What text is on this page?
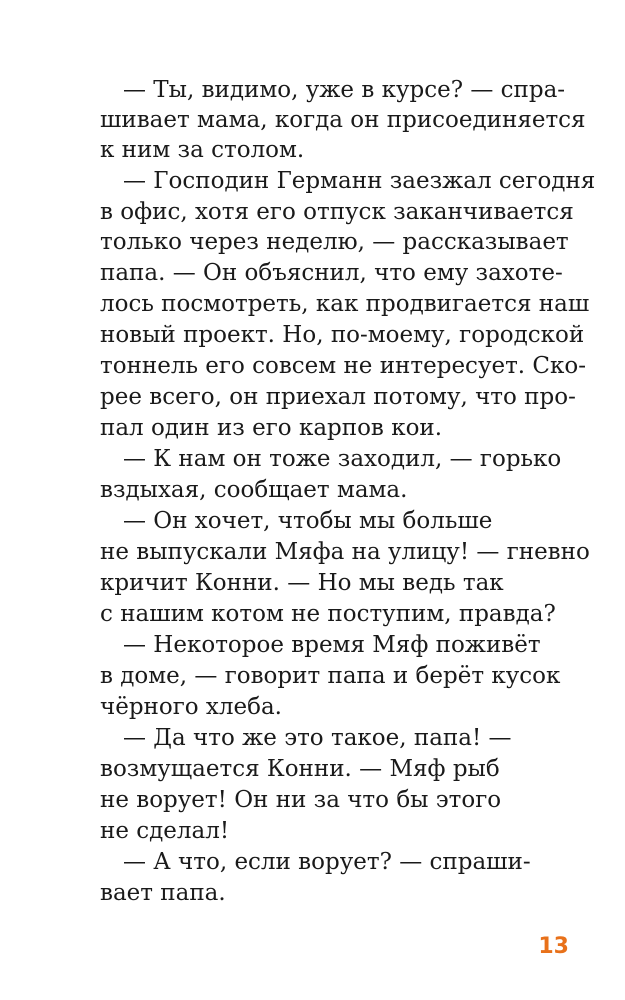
— Ты, видимо, уже в курсе? — спра-
шивает мама, когда он присоединяется
к ним за столом.
— Господин Германн заезжал сегодня
в офис, хотя его отпуск заканчивается
только через неделю, — рассказывает
папа. — Он объяснил, что ему захоте-
лось посмотреть, как продвигается наш
новый проект. Но, по-моему, городской
тоннель его совсем не интересует. Ско-
рее всего, он приехал потому, что про-
пал один из его карпов кои.
— К нам он тоже заходил, — горько
вздыхая, сообщает мама.
— Он хочет, чтобы мы больше
не выпускали Мяфа на улицу! — гневно
кричит Конни. — Но мы ведь так
с нашим котом не поступим, правда?
— Некоторое время Мяф поживёт
в доме, — говорит папа и берёт кусок
чёрного хлеба.
— Да что же это такое, папа! —
возмущается Конни. — Мяф рыб
не ворует! Он ни за что бы этого
не сделал!
— А что, если ворует? — спраши-
вает папа.
13
